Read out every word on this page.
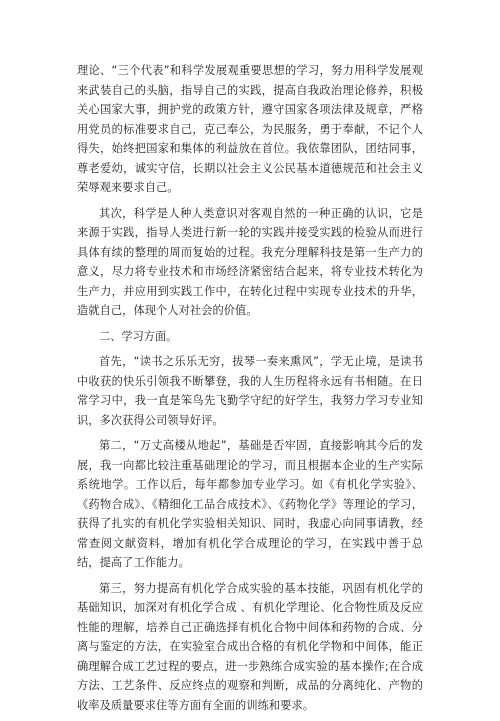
理论、“三个代表”和科学发展观重要思想的学习，努力用科学发展观来武装自己的头脑，指导自己的实践，提高自我政治理论修养，积极关心国家大事，拥护党的政策方针，遵守国家各项法律及规章，严格用党员的标准要求自己，克己奉公，为民服务，勇于奉献，不记个人得失，始终把国家和集体的利益放在首位。我依靠团队，团结同事，尊老爱幼，诚实守信，长期以社会主义公民基本道德规范和社会主义荣辱观来要求自己。

其次，科学是人种人类意识对客观自然的一种正确的认识，它是来源于实践，指导人类进行新一轮的实践并接受实践的检验从而进行具体有续的整理的周而复始的过程。我充分理解科技是第一生产力的意义，尽力将专业技术和市场经济紧密结合起来，将专业技术转化为生产力，并应用到实践工作中，在转化过程中实现专业技术的升华，造就自己，体现个人对社会的价值。

二、学习方面。

首先，“读书之乐乐无穷，拔琴一奏来熏风”，学无止境，是读书中收获的快乐引领我不断攀登，我的人生历程将永远有书相随。在日常学习中，我一直是笨鸟先飞勤学守纪的好学生，我努力学习专业知识，多次获得公司领导好评。

第二，“万丈高楼从地起”，基础是否牢固，直接影响其今后的发展，我一向都比较注重基础理论的学习，而且根据本企业的生产实际系统地学。工作以后，每年都参加专业学习。如《有机化学实验》、《药物合成》、《精细化工品合成技术》、《药物化学》等理论的学习，获得了扎实的有机化学实验相关知识、同时，我虚心向同事请教，经常查阅文献资料，增加有机化学合成理论的学习，在实践中善于总结，提高了工作能力。

第三，努力提高有机化学合成实验的基本技能，巩固有机化学的基础知识，加深对有机化学合成 、有机化学理论、化合物性质及反应性能的理解，培养自己正确选择有机化合物中间体和药物的合成、分离与鉴定的方法，在实验室合成出合格的有机化学物和中间体，能正确理解合成工艺过程的要点，进一步熟练合成实验的基本操作;在合成方法、工艺条件、反应终点的观察和判断，成品的分离纯化、产物的收率及质量要求住等方面有全面的训练和要求。
